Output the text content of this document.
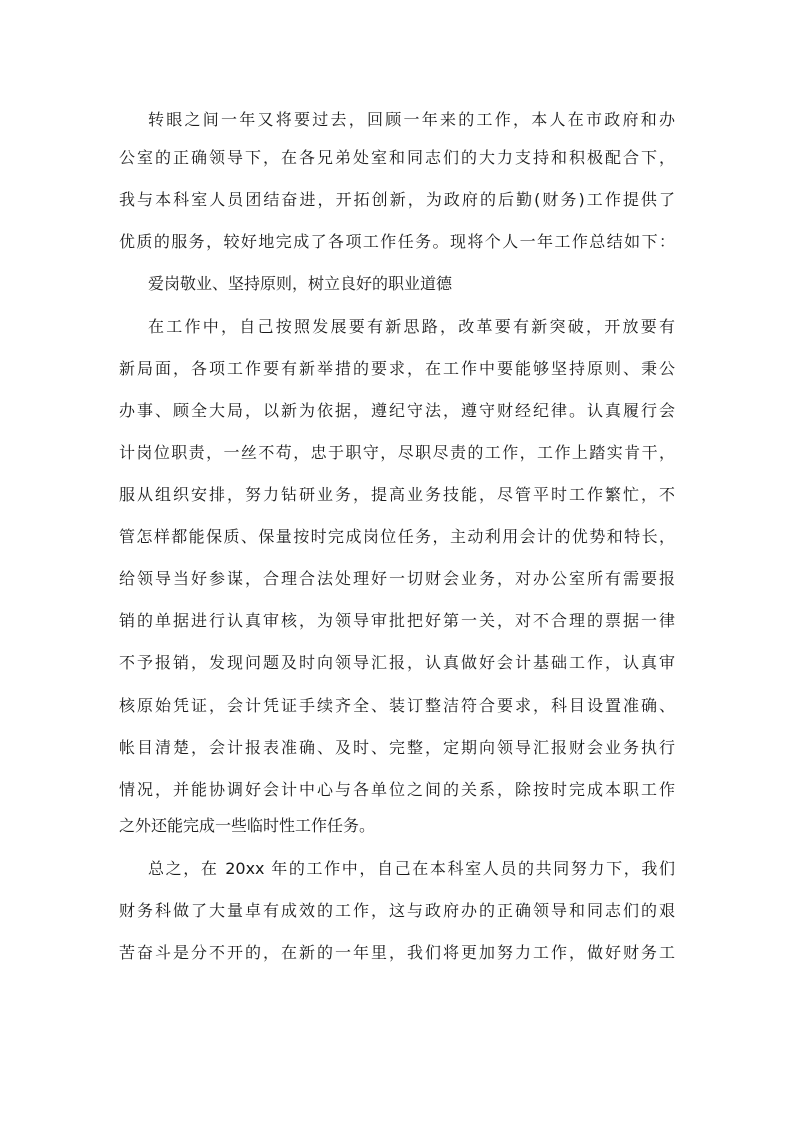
转眼之间一年又将要过去，回顾一年来的工作，本人在市政府和办
公室的正确领导下，在各兄弟处室和同志们的大力支持和积极配合下，
我与本科室人员团结奋进，开拓创新，为政府的后勤(财务)工作提供了
优质的服务，较好地完成了各项工作任务。现将个人一年工作总结如下：
爱岗敬业、坚持原则，树立良好的职业道德
在工作中，自己按照发展要有新思路，改革要有新突破，开放要有
新局面，各项工作要有新举措的要求，在工作中要能够坚持原则、秉公
办事、顾全大局，以新为依据，遵纪守法，遵守财经纪律。认真履行会
计岗位职责，一丝不苟，忠于职守，尽职尽责的工作，工作上踏实肯干，
服从组织安排，努力钻研业务，提高业务技能，尽管平时工作繁忙，不
管怎样都能保质、保量按时完成岗位任务，主动利用会计的优势和特长，
给领导当好参谋，合理合法处理好一切财会业务，对办公室所有需要报
销的单据进行认真审核，为领导审批把好第一关，对不合理的票据一律
不予报销，发现问题及时向领导汇报，认真做好会计基础工作，认真审
核原始凭证，会计凭证手续齐全、装订整洁符合要求，科目设置准确、
帐目清楚，会计报表准确、及时、完整，定期向领导汇报财会业务执行
情况，并能协调好会计中心与各单位之间的关系，除按时完成本职工作
之外还能完成一些临时性工作任务。
总之，在 20xx 年的工作中，自己在本科室人员的共同努力下，我们
财务科做了大量卓有成效的工作，这与政府办的正确领导和同志们的艰
苦奋斗是分不开的，在新的一年里，我们将更加努力工作，做好财务工
